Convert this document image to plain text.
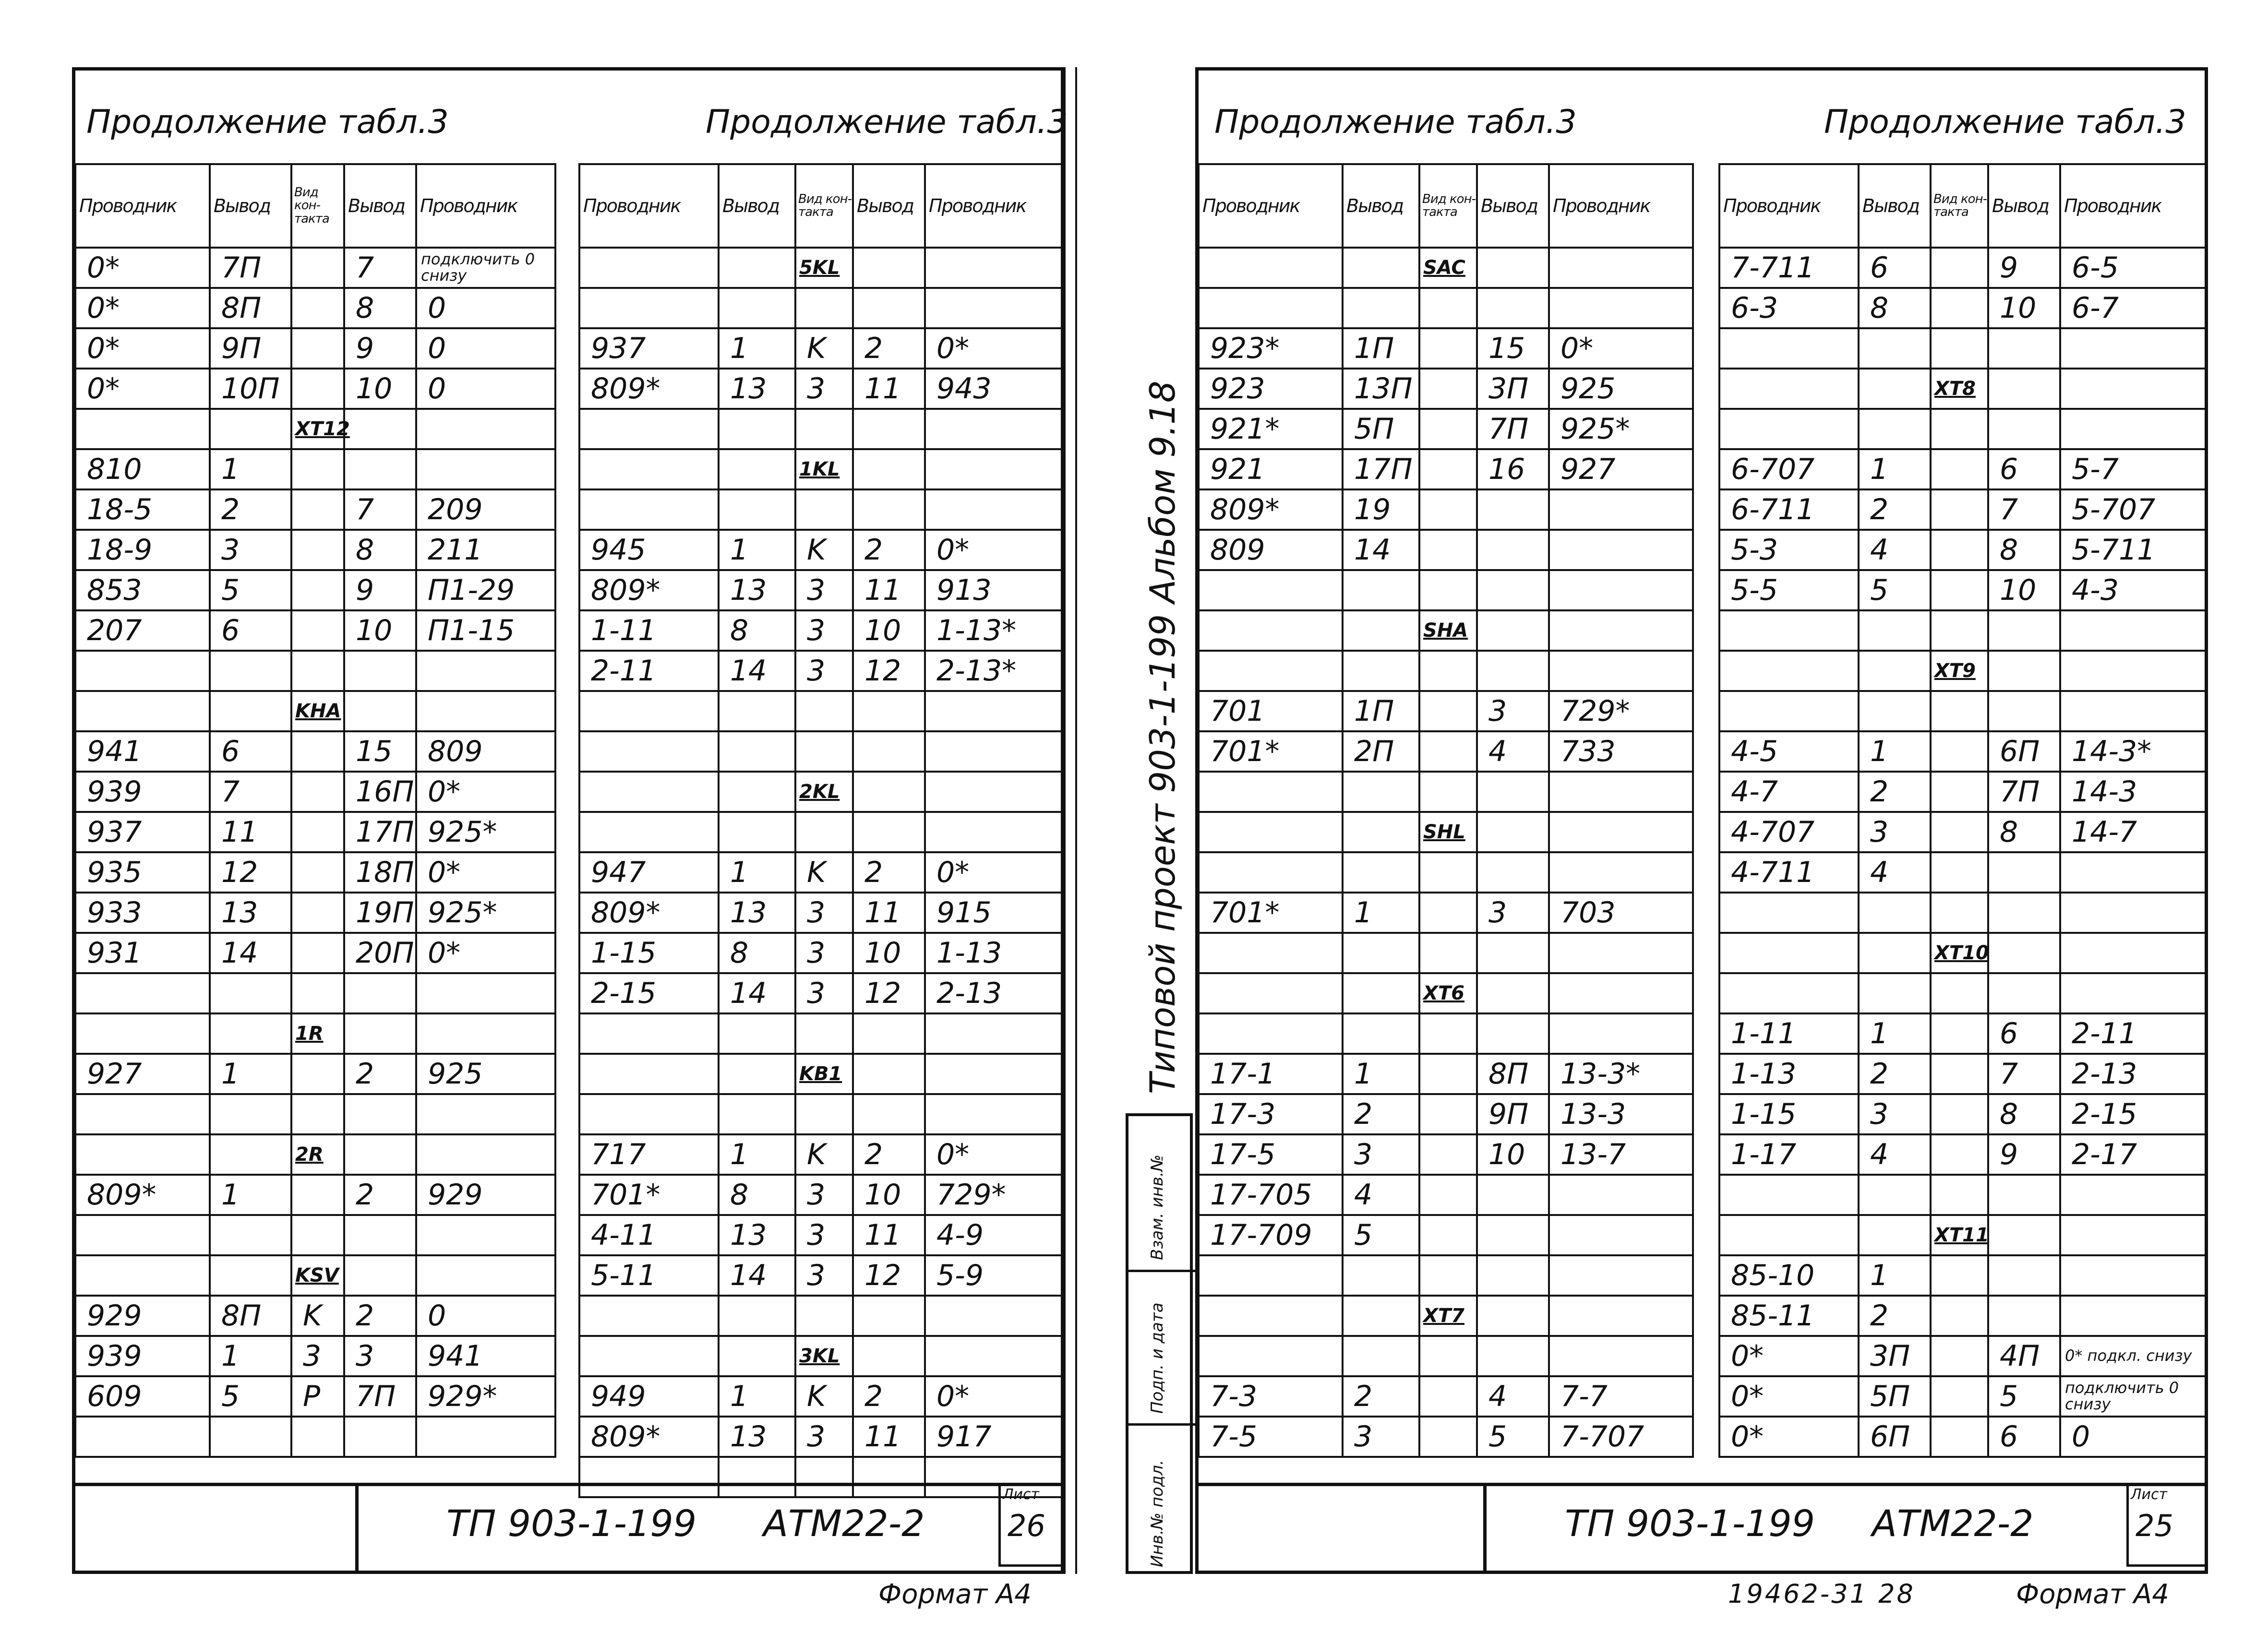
Продолжение табл.3	Продолжение табл.3
Проводник	Вывод	Вид кон-такта	Вывод	Проводник
0*	7П		7	подключить 0 снизу
0*	8П		8	0
0*	9П		9	0
0*	10П		10	0
		XT12		
810	1			
18-5	2		7	209
18-9	3		8	211
853	5		9	П1-29
207	6		10	П1-15

		KHA		
941	6		15	809
939	7		16П	0*
937	11		17П	925*
935	12		18П	0*
933	13		19П	925*
931	14		20П	0*

		1R		
927	1		2	925

		2R		
809*	1		2	929

		KSV		
929	8П	K	2	0
939	1	3	3	941
609	5	P	7П	929*

Проводник	Вывод	Вид кон-такта	Вывод	Проводник
		5KL		

937	1	K	2	0*
809*	13	3	11	943

		1KL		

945	1	K	2	0*
809*	13	3	11	913
1-11	8	3	10	1-13*
2-11	14	3	12	2-13*

		2KL		

947	1	K	2	0*
809*	13	3	11	915
1-15	8	3	10	1-13
2-15	14	3	12	2-13

		KB1		

717	1	K	2	0*
701*	8	3	10	729*
4-11	13	3	11	4-9
5-11	14	3	12	5-9

		3KL		
949	1	K	2	0*
809*	13	3	11	917

ТП 903-1-199 АТМ22-2
Лист
26
Формат А4
Продолжение табл.3	Продолжение табл.3
Проводник	Вывод	Вид кон-такта	Вывод	Проводник
		SAC		

923*	1П		15	0*
923	13П		3П	925
921*	5П		7П	925*
921	17П		16	927
809*	19			
809	14			

		SHA		

701	1П		3	729*
701*	2П		4	733

		SHL		

701*	1		3	703

		XT6		

17-1	1		8П	13-3*
17-3	2		9П	13-3
17-5	3		10	13-7
17-705	4			
17-709	5			

		XT7		

7-3	2		4	7-7
7-5	3		5	7-707
Проводник	Вывод	Вид кон-такта	Вывод	Проводник
7-711	6		9	6-5
6-3	8		10	6-7

		XT8		

6-707	1		6	5-7
6-711	2		7	5-707
5-3	4		8	5-711
5-5	5		10	4-3

		XT9		

4-5	1		6П	14-3*
4-7	2		7П	14-3
4-707	3		8	14-7
4-711	4			

		XT10		

1-11	1		6	2-11
1-13	2		7	2-13
1-15	3		8	2-15
1-17	4		9	2-17

		XT11		
85-10	1			
85-11	2			
0*	3П		4П	0* подкл. снизу
0*	5П		5	подключить 0 снизу
0*	6П		6	0
ТП 903-1-199 АТМ22-2
Лист
25
19462-31 28	Формат А4
Типовой проект 903-1-199 Альбом 9.18
Инв.№ подл.
Подп. и дата
Взам. инв.№
